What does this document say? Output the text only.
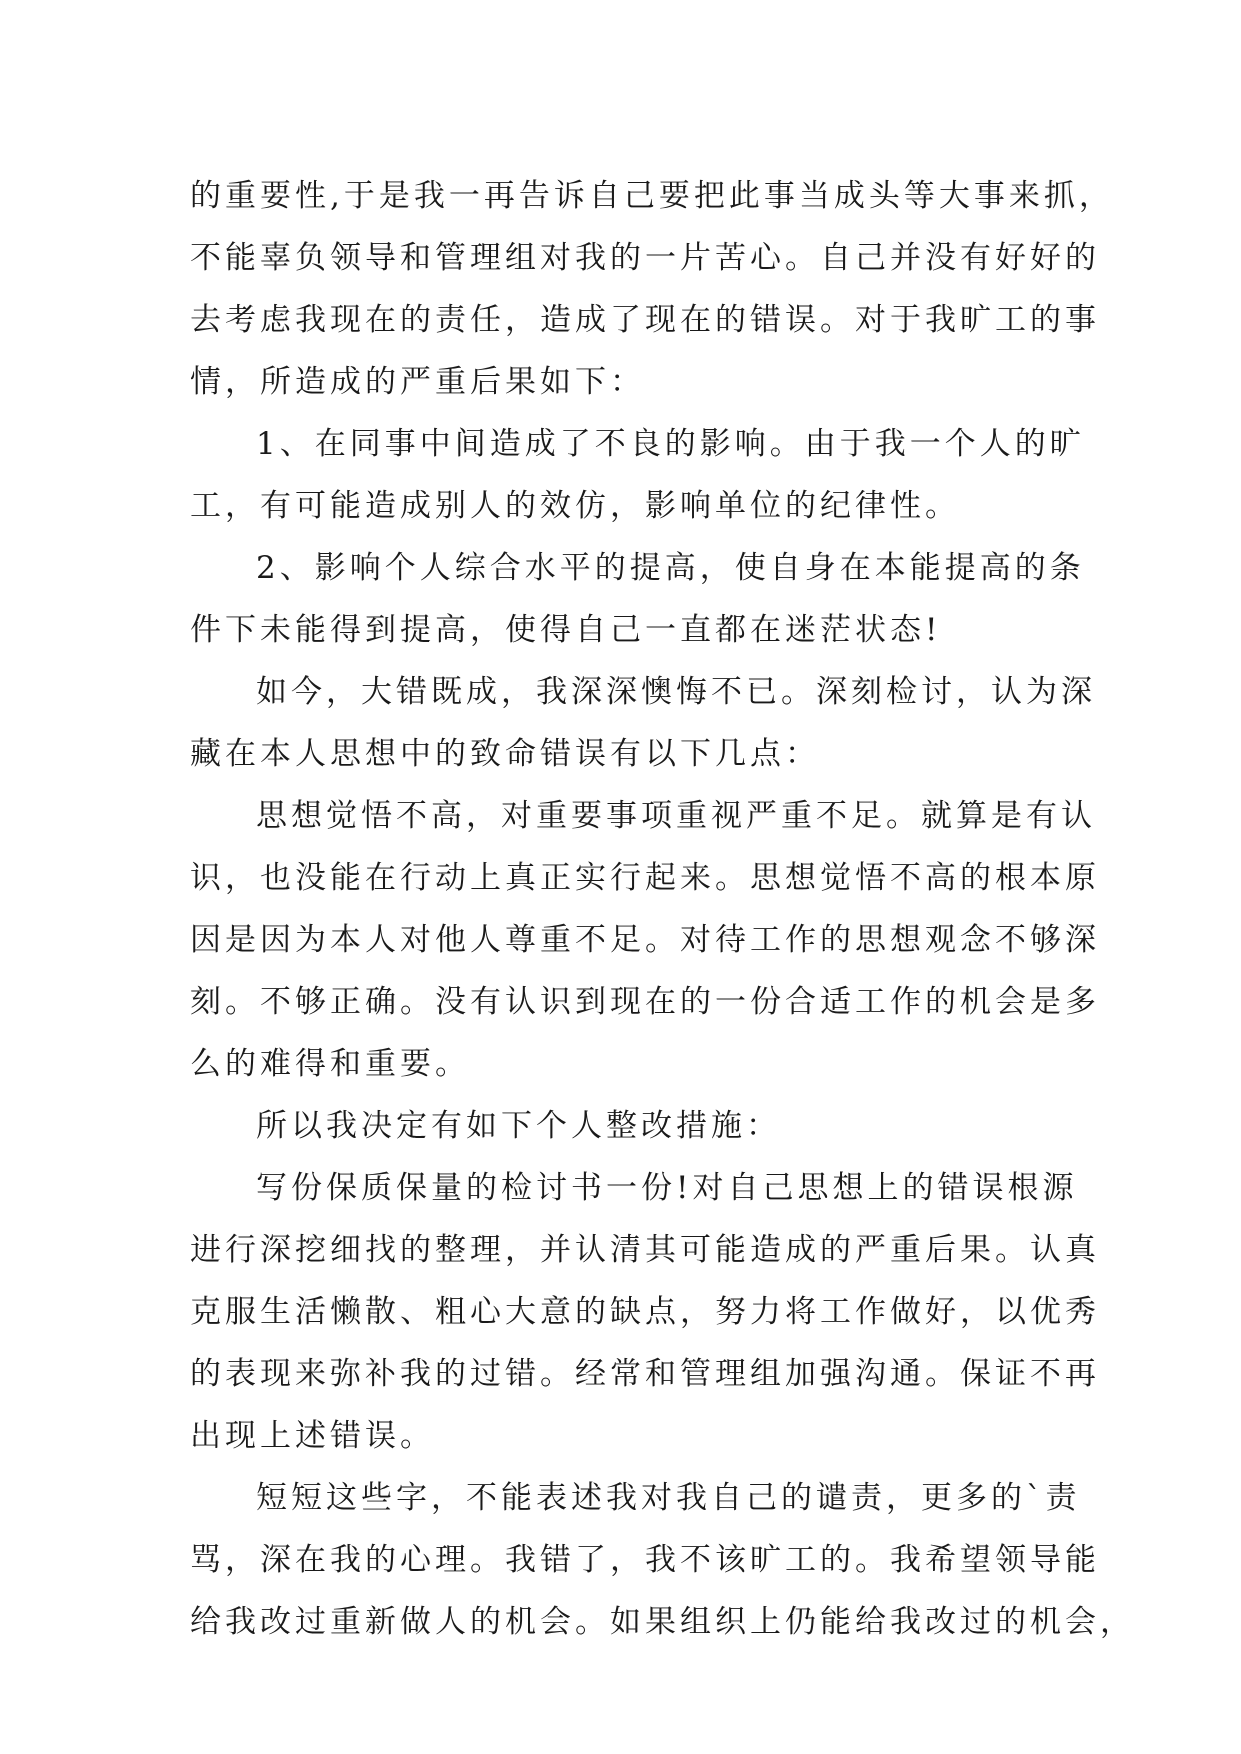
的重要性,于是我一再告诉自己要把此事当成头等大事来抓，
不能辜负领导和管理组对我的一片苦心。自己并没有好好的
去考虑我现在的责任，造成了现在的错误。对于我旷工的事
情，所造成的严重后果如下：
1、在同事中间造成了不良的影响。由于我一个人的旷
工，有可能造成别人的效仿，影响单位的纪律性。
2、影响个人综合水平的提高，使自身在本能提高的条
件下未能得到提高，使得自己一直都在迷茫状态!
如今，大错既成，我深深懊悔不已。深刻检讨，认为深
藏在本人思想中的致命错误有以下几点：
思想觉悟不高，对重要事项重视严重不足。就算是有认
识，也没能在行动上真正实行起来。思想觉悟不高的根本原
因是因为本人对他人尊重不足。对待工作的思想观念不够深
刻。不够正确。没有认识到现在的一份合适工作的机会是多
么的难得和重要。
所以我决定有如下个人整改措施：
写份保质保量的检讨书一份!对自己思想上的错误根源
进行深挖细找的整理，并认清其可能造成的严重后果。认真
克服生活懒散、粗心大意的缺点，努力将工作做好，以优秀
的表现来弥补我的过错。经常和管理组加强沟通。保证不再
出现上述错误。
短短这些字，不能表述我对我自己的谴责，更多的`责
骂，深在我的心理。我错了，我不该旷工的。我希望领导能
给我改过重新做人的机会。如果组织上仍能给我改过的机会，
